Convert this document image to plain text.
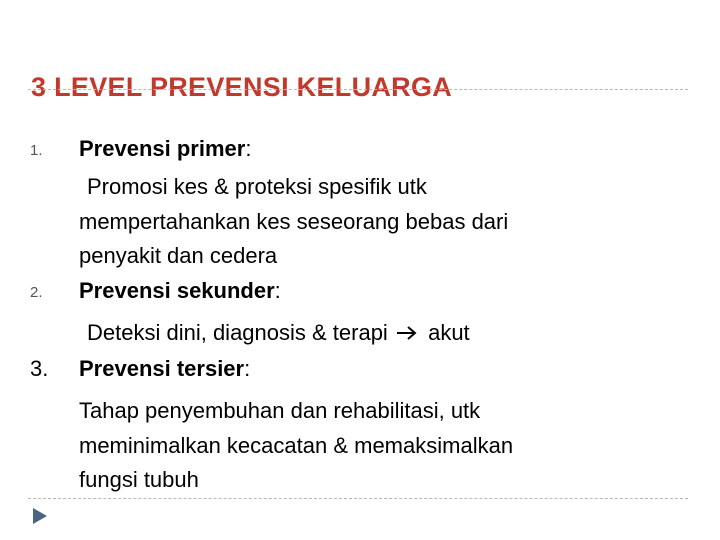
3 LEVEL PREVENSI KELUARGA
1. Prevensi primer:
Promosi kes & proteksi spesifik utk
mempertahankan kes seseorang bebas dari
penyakit dan cedera
2. Prevensi sekunder:
Deteksi dini, diagnosis & terapi akut
3. Prevensi tersier:
Tahap penyembuhan dan rehabilitasi, utk
meminimalkan kecacatan & memaksimalkan
fungsi tubuh
